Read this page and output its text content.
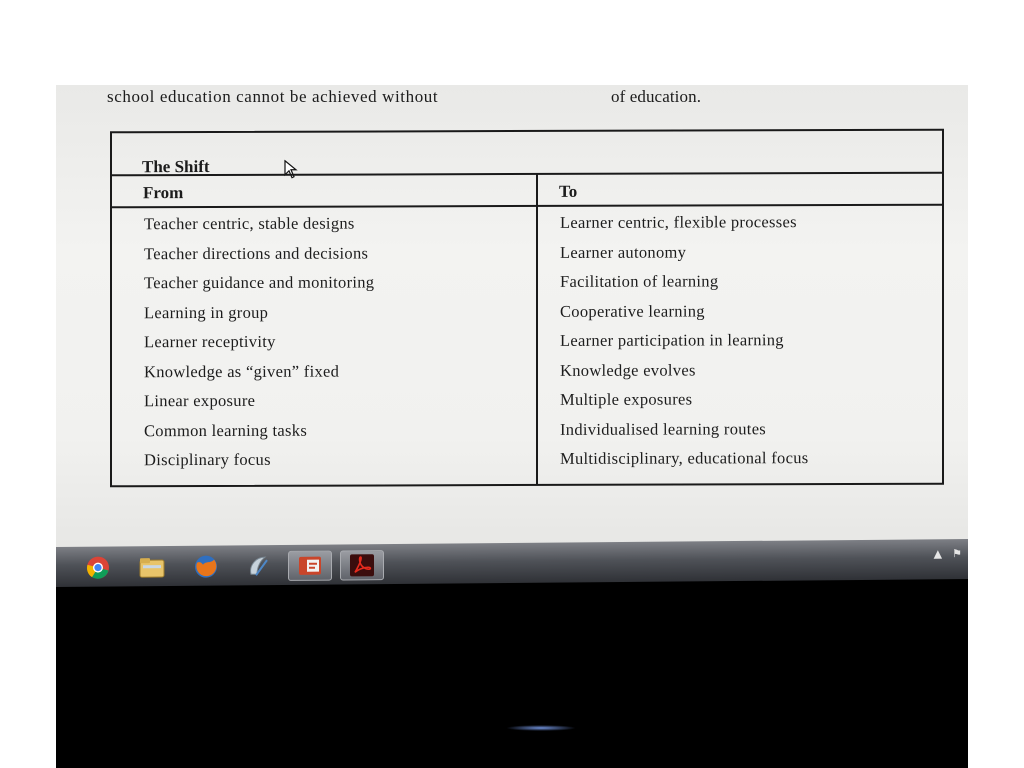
school education cannot be achieved without	of education.
The Shift
From	To
Teacher centric, stable designs
Teacher directions and decisions
Teacher guidance and monitoring
Learning in group
Learner receptivity
Knowledge as “given” fixed
Linear exposure
Common learning tasks
Disciplinary focus
Learner centric, flexible processes
Learner autonomy
Facilitation of learning
Cooperative learning
Learner participation in learning
Knowledge evolves
Multiple exposures
Individualised learning routes
Multidisciplinary, educational focus
▲ ⚑
